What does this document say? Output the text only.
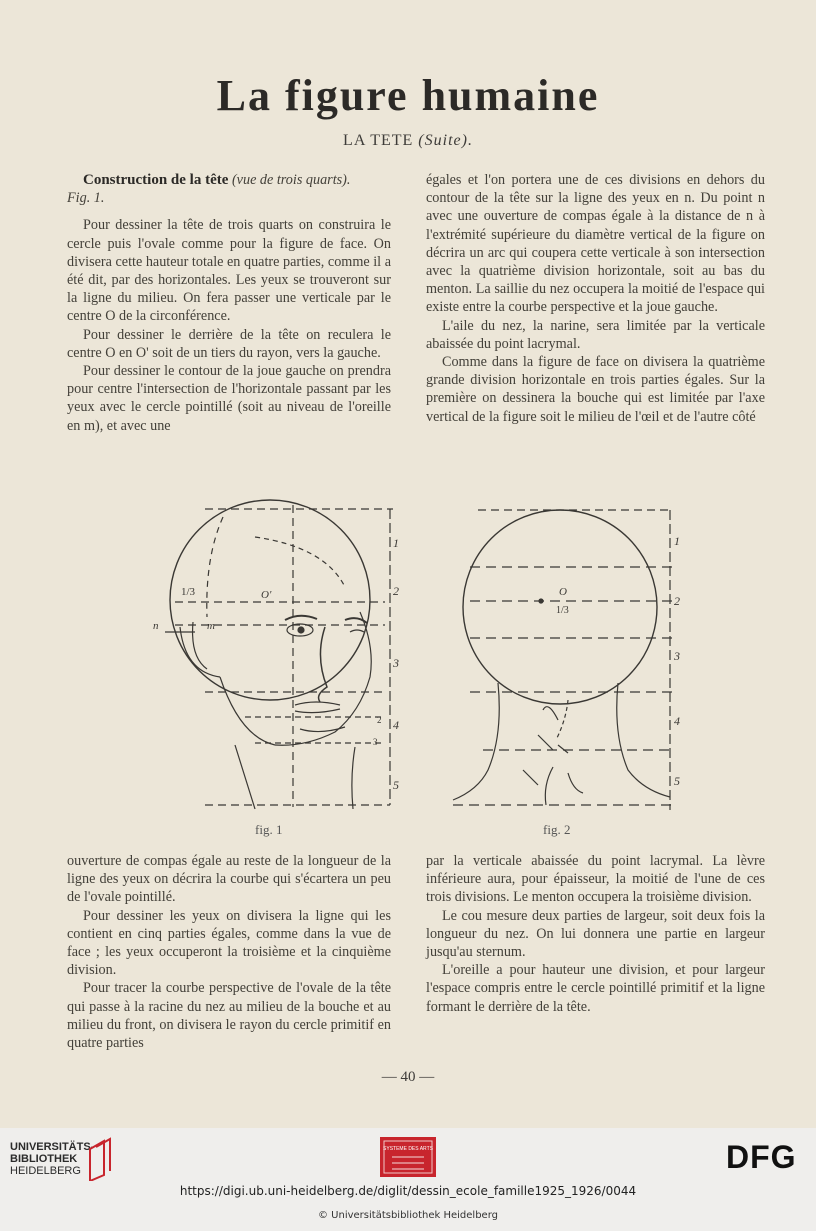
La figure humaine
LA TETE (Suite).

Construction de la tête (vue de trois quarts).
Fig. 1.

Pour dessiner la tête de trois quarts on construira le cercle puis l'ovale comme pour la figure de face. On divisera cette hauteur totale en quatre parties, comme il a été dit, par des horizontales. Les yeux se trouveront sur la ligne du milieu. On fera passer une verticale par le centre O de la circonférence.

Pour dessiner le derrière de la tête on reculera le centre O en O' soit de un tiers du rayon, vers la gauche.

Pour dessiner le contour de la joue gauche on prendra pour centre l'intersection de l'horizontale passant par les yeux avec le cercle pointillé (soit au niveau de l'oreille en m), et avec une

égales et l'on portera une de ces divisions en dehors du contour de la tête sur la ligne des yeux en n. Du point n avec une ouverture de compas égale à la distance de n à l'extrémité supérieure du diamètre vertical de la figure on décrira un arc qui coupera cette verticale à son intersection avec la quatrième division horizontale, soit au bas du menton. La saillie du nez occupera la moitié de l'espace qui existe entre la courbe perspective et la joue gauche.

L'aile du nez, la narine, sera limitée par la verticale abaissée du point lacrymal.

Comme dans la figure de face on divisera la quatrième grande division horizontale en trois parties égales. Sur la première on dessinera la bouche qui est limitée par l'axe vertical de la figure soit le milieu de l'œil et de l'autre côté

1/3
n	m
O'
1
2
3
4
5
2
3
O
1/3
1
2
3
4
5
fig. 1	fig. 2

ouverture de compas égale au reste de la longueur de la ligne des yeux on décrira la courbe qui s'écartera un peu de l'ovale pointillé.

Pour dessiner les yeux on divisera la ligne qui les contient en cinq parties égales, comme dans la vue de face ; les yeux occuperont la troisième et la cinquième division.

Pour tracer la courbe perspective de l'ovale de la tête qui passe à la racine du nez au milieu de la bouche et au milieu du front, on divisera le rayon du cercle primitif en quatre parties

par la verticale abaissée du point lacrymal. La lèvre inférieure aura, pour épaisseur, la moitié de l'une de ces trois divisions. Le menton occupera la troisième division.

Le cou mesure deux parties de largeur, soit deux fois la longueur du nez. On lui donnera une partie en largeur jusqu'au sternum.

L'oreille a pour hauteur une division, et pour largeur l'espace compris entre le cercle pointillé primitif et la ligne formant le derrière de la tête.

— 40 —
UNIVERSITÄTS-
BIBLIOTHEK
HEIDELBERG
SYSTEME DES ARTS	DFG
https://digi.ub.uni-heidelberg.de/diglit/dessin_ecole_famille1925_1926/0044
© Universitätsbibliothek Heidelberg
